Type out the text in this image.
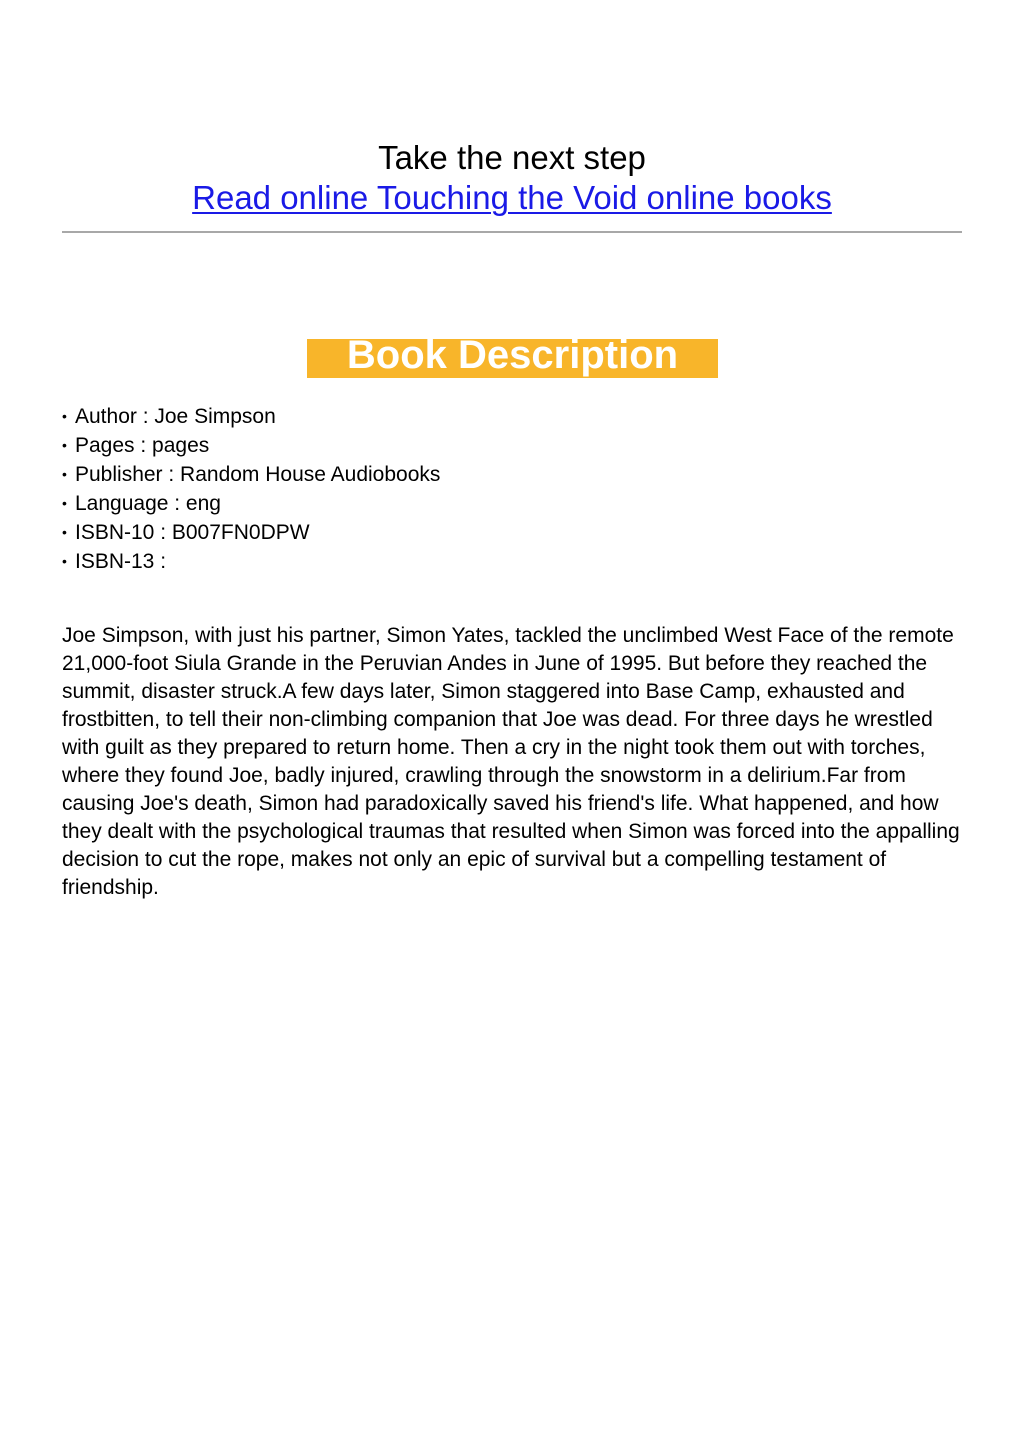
Take the next step
Read online Touching the Void online books
Book Description
• Author : Joe Simpson
• Pages : pages
• Publisher : Random House Audiobooks
• Language : eng
• ISBN-10 : B007FN0DPW
• ISBN-13 :

Joe Simpson, with just his partner, Simon Yates, tackled the unclimbed West Face of the remote 21,000-foot Siula Grande in the Peruvian Andes in June of 1995. But before they reached the summit, disaster struck.A few days later, Simon staggered into Base Camp, exhausted and frostbitten, to tell their non-climbing companion that Joe was dead. For three days he wrestled with guilt as they prepared to return home. Then a cry in the night took them out with torches, where they found Joe, badly injured, crawling through the snowstorm in a delirium.Far from causing Joe's death, Simon had paradoxically saved his friend's life. What happened, and how they dealt with the psychological traumas that resulted when Simon was forced into the appalling decision to cut the rope, makes not only an epic of survival but a compelling testament of friendship.
